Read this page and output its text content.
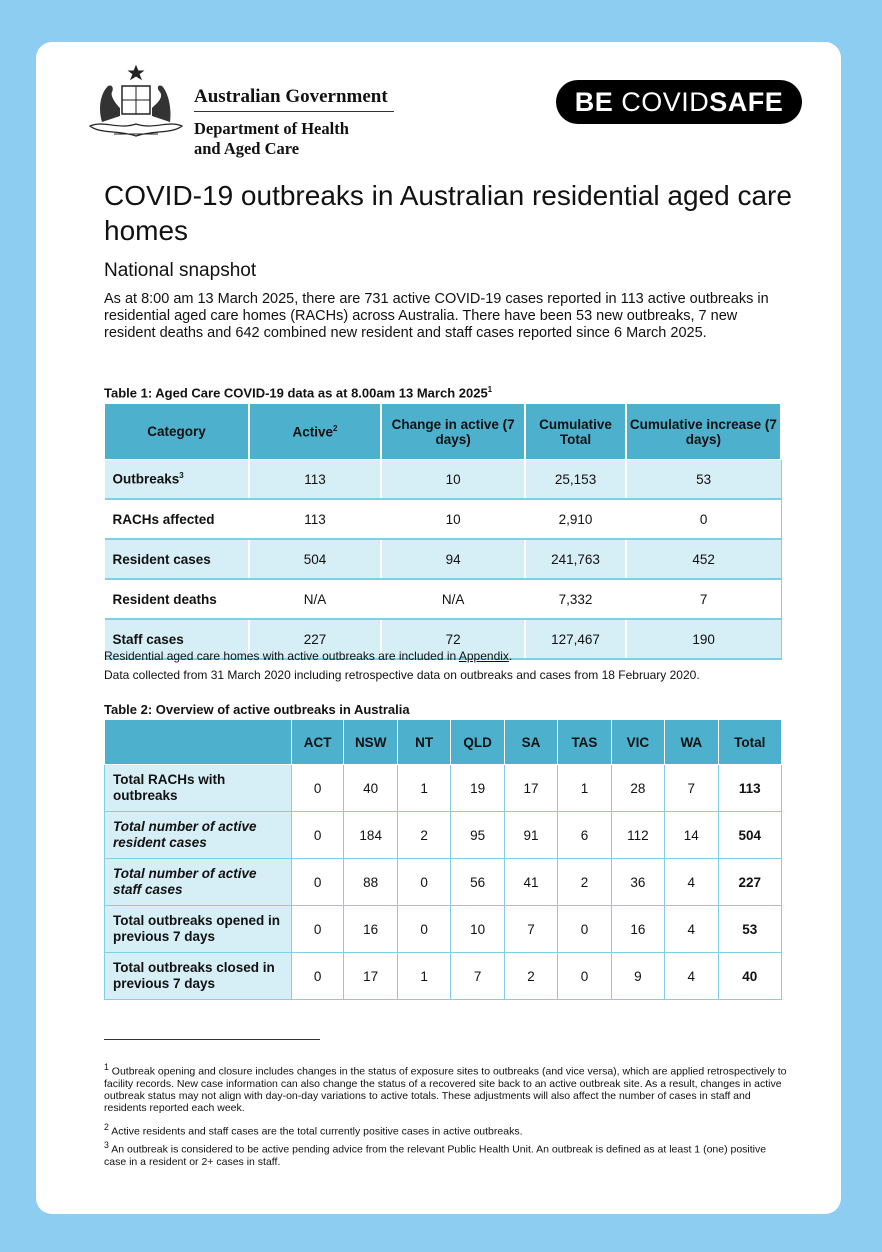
Australian Government
Department of Health and Aged Care
BE COVIDSAFE
COVID-19 outbreaks in Australian residential aged care homes
National snapshot
As at 8:00 am 13 March 2025, there are 731 active COVID-19 cases reported in 113 active outbreaks in residential aged care homes (RACHs) across Australia. There have been 53 new outbreaks, 7 new resident deaths and 642 combined new resident and staff cases reported since 6 March 2025.
Table 1: Aged Care COVID-19 data as at 8.00am 13 March 2025$^1$
Category	Active$^2$	Change in active (7 days)	Cumulative Total	Cumulative increase (7 days)
Outbreaks$^3$	113	10	25,153	53
RACHs affected	113	10	2,910	0
Resident cases	504	94	241,763	452
Resident deaths	N/A	N/A	7,332	7
Staff cases	227	72	127,467	190
Residential aged care homes with active outbreaks are included in Appendix.
Data collected from 31 March 2020 including retrospective data on outbreaks and cases from 18 February 2020.
Table 2: Overview of active outbreaks in Australia
	ACT	NSW	NT	QLD	SA	TAS	VIC	WA	Total
Total RACHs with outbreaks	0	40	1	19	17	1	28	7	113
Total number of active resident cases	0	184	2	95	91	6	112	14	504
Total number of active staff cases	0	88	0	56	41	2	36	4	227
Total outbreaks opened in previous 7 days	0	16	0	10	7	0	16	4	53
Total outbreaks closed in previous 7 days	0	17	1	7	2	0	9	4	40
$^1$ Outbreak opening and closure includes changes in the status of exposure sites to outbreaks (and vice versa), which are applied retrospectively to facility records. New case information can also change the status of a recovered site back to an active outbreak site. As a result, changes in active outbreak status may not align with day-on-day variations to active totals. These adjustments will also affect the number of cases in staff and residents reported each week.
$^2$ Active residents and staff cases are the total currently positive cases in active outbreaks.
$^3$ An outbreak is considered to be active pending advice from the relevant Public Health Unit. An outbreak is defined as at least 1 (one) positive case in a resident or 2+ cases in staff.
